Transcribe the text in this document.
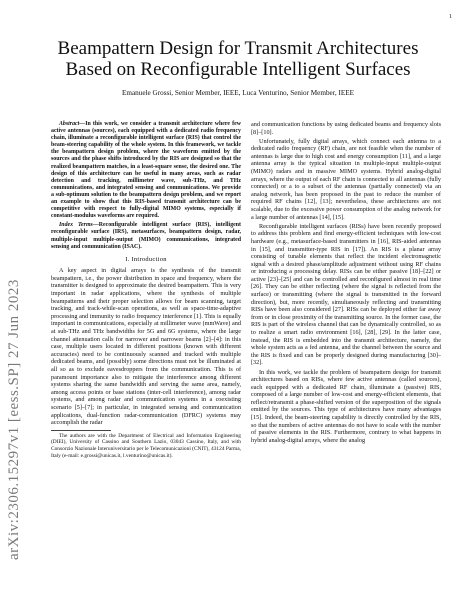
1
arXiv:2306.15297v1 [eess.SP] 27 Jun 2023
Beampattern Design for Transmit Architectures
Based on Reconfigurable Intelligent Surfaces
Emanuele Grossi, Senior Member, IEEE, Luca Venturino, Senior Member, IEEE

Abstract—In this work, we consider a transmit architecture where few active antennas (sources), each equipped with a dedicated radio frequency chain, illuminate a reconfigurable intelligent surface (RIS) that control the beam-steering capability of the whole system. In this framework, we tackle the beampattern design problem, where the waveform emitted by the sources and the phase shifts introduced by the RIS are designed so that the realized beampattern matches, in a least-square sense, the desired one. The design of this architecture can be useful in many areas, such as radar detection and tracking, millimeter wave, sub-THz, and THz communications, and integrated sensing and communications. We provide a sub-optimum solution to the beampattern design problem, and we report an example to show that this RIS-based transmit architecture can be competitive with respect to fully-digital MIMO systems, especially if constant-modulus waveforms are required.

Index Terms—Reconfigurable intelligent surface (RIS), intelligent reconfigurable surface (IRS), metasurfaces, beampattern design, radar, multiple-input multiple-output (MIMO) communications, integrated sensing and communication (ISAC).

I. Introduction

A key aspect in digital arrays is the synthesis of the transmit beampattern, i.e., the power distribution in space and frequency, where the transmitter is designed to approximate the desired beampattern. This is very important in radar applications, where the synthesis of multiple beampatterns and their proper selection allows for beam scanning, target tracking, and track-while-scan operations, as well as space-time-adaptive processing and immunity to radio frequency interference [1]. This is equally important in communications, especially at millimeter wave (mmWave) and at sub-THz and THz bandwidths for 5G and 6G systems, where the large channel attenuation calls for narrower and narrower beams [2]–[4]: in this case, multiple users located in different positions (known with different accuracies) need to be continuously scanned and tracked with multiple dedicated beams, and (possibly) some directions must not be illuminated at all so as to exclude eavesdroppers from the communication. This is of paramount importance also to mitigate the interference among different systems sharing the same bandwidth and serving the same area, namely, among access points or base stations (inter-cell interference), among radar systems, and among radar and communication systems in a coexisting scenario [5]–[7]; in particular, in integrated sensing and communication applications, dual-function radar-communication (DFRC) systems may accomplish the radar

The authors are with the Department of Electrical and Information Engineering (DIEI), University of Cassino and Southern Lazio, 03043 Cassino, Italy, and with Consorzio Nazionale Interuniversitario per le Telecomunicazioni (CNIT), 43124 Parma, Italy (e-mail: e.grossi@unicas.it, l.venturino@unicas.it).

and communication functions by using dedicated beams and frequency slots [8]–[10].

Unfortunately, fully digital arrays, which connect each antenna to a dedicated radio frequency (RF) chain, are not feasible when the number of antennas is large due to high cost and energy consumption [11], and a large antenna array is the typical situation in multiple-input multiple-output (MIMO) radars and in massive MIMO systems. Hybrid analog-digital arrays, where the output of each RF chain is connected to all antennas (fully connected) or a to a subset of the antennas (partially connected) via an analog network, has been proposed in the past to reduce the number of required RF chains [12], [13]; nevertheless, these architectures are not scalable, due to the excessive power consumption of the analog network for a large number of antennas [14], [15].

Reconfigurable intelligent surfaces (RISs) have been recently proposed to address this problem and find energy-efficient techniques with low-cost hardware (e.g., metasurface-based transmitters in [16], RIS-aided antennas in [15], and transmitter-type RIS in [17]). An RIS is a planar array consisting of tunable elements that reflect the incident electromagnetic signal with a desired phase/amplitude adjustment without using RF chains or introducing a processing delay. RISs can be either passive [18]–[22] or active [23]–[25] and can be controlled and reconfigured almost in real time [26]. They can be either reflecting (where the signal is reflected from the surface) or transmitting (where the signal is transmitted in the forward direction), but, more recently, simultaneously reflecting and transmitting RISs have been also considered [27]. RISs can be deployed either far away from or in close proximity of the transmitting source. In the former case, the RIS is part of the wireless channel that can be dynamically controlled, so as to realize a smart radio environment [16], [28], [29]. In the latter case, instead, the RIS is embedded into the transmit architecture, namely, the whole system acts as a fed antenna, and the channel between the source and the RIS is fixed and can be properly designed during manufacturing [30]–[32].

In this work, we tackle the problem of beampattern design for transmit architectures based on RISs, where few active antennas (called sources), each equipped with a dedicated RF chain, illuminate a (passive) RIS, composed of a large number of low-cost and energy-efficient elements, that reflect/retransmit a phase-shifted version of the superposition of the signals emitted by the sources. This type of architectures have many advantages [15]. Indeed, the beam-steering capability is directly controlled by the RIS, so that the numbers of active antennas do not have to scale with the number of passive elements in the RIS. Furthermore, contrary to what happens in hybrid analog-digital arrays, where the analog
